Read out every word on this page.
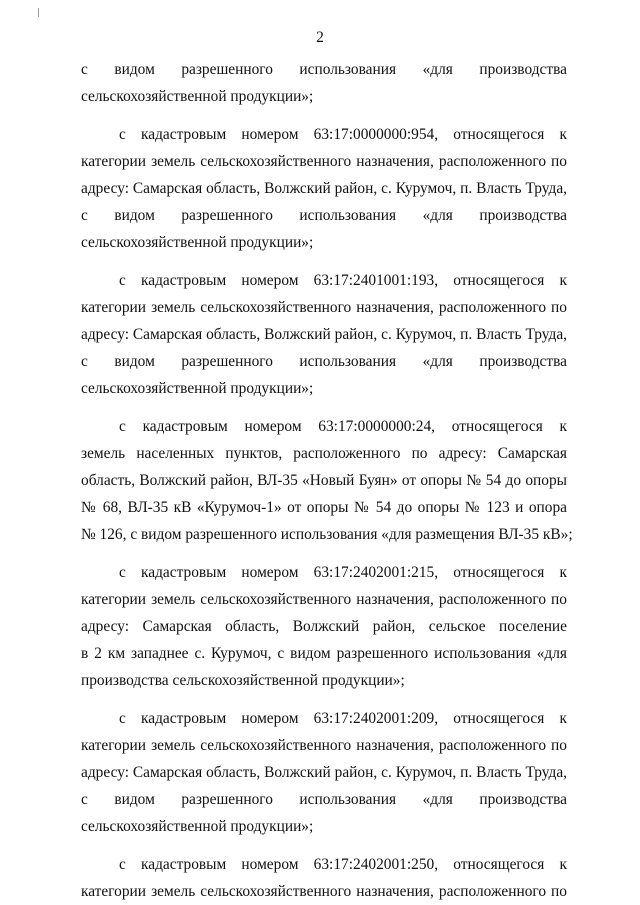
2
с видом разрешенного использования «для производства
сельскохозяйственной продукции»;
с кадастровым номером 63:17:0000000:954, относящегося к
категории земель сельскохозяйственного назначения, расположенного по
адресу: Самарская область, Волжский район, с. Курумоч, п. Власть Труда,
с видом разрешенного использования «для производства
сельскохозяйственной продукции»;
с кадастровым номером 63:17:2401001:193, относящегося к
категории земель сельскохозяйственного назначения, расположенного по
адресу: Самарская область, Волжский район, с. Курумоч, п. Власть Труда,
с видом разрешенного использования «для производства
сельскохозяйственной продукции»;
с кадастровым номером 63:17:0000000:24, относящегося к
земель населенных пунктов, расположенного по адресу: Самарская
область, Волжский район, ВЛ-35 «Новый Буян» от опоры № 54 до опоры
№ 68, ВЛ-35 кВ «Курумоч-1» от опоры № 54 до опоры № 123 и опора
№ 126, с видом разрешенного использования «для размещения ВЛ-35 кВ»;
с кадастровым номером 63:17:2402001:215, относящегося к
категории земель сельскохозяйственного назначения, расположенного по
адресу: Самарская область, Волжский район, сельское поселение
в 2 км западнее с. Курумоч, с видом разрешенного использования «для
производства сельскохозяйственной продукции»;
с кадастровым номером 63:17:2402001:209, относящегося к
категории земель сельскохозяйственного назначения, расположенного по
адресу: Самарская область, Волжский район, с. Курумоч, п. Власть Труда,
с видом разрешенного использования «для производства
сельскохозяйственной продукции»;
с кадастровым номером 63:17:2402001:250, относящегося к
категории земель сельскохозяйственного назначения, расположенного по
